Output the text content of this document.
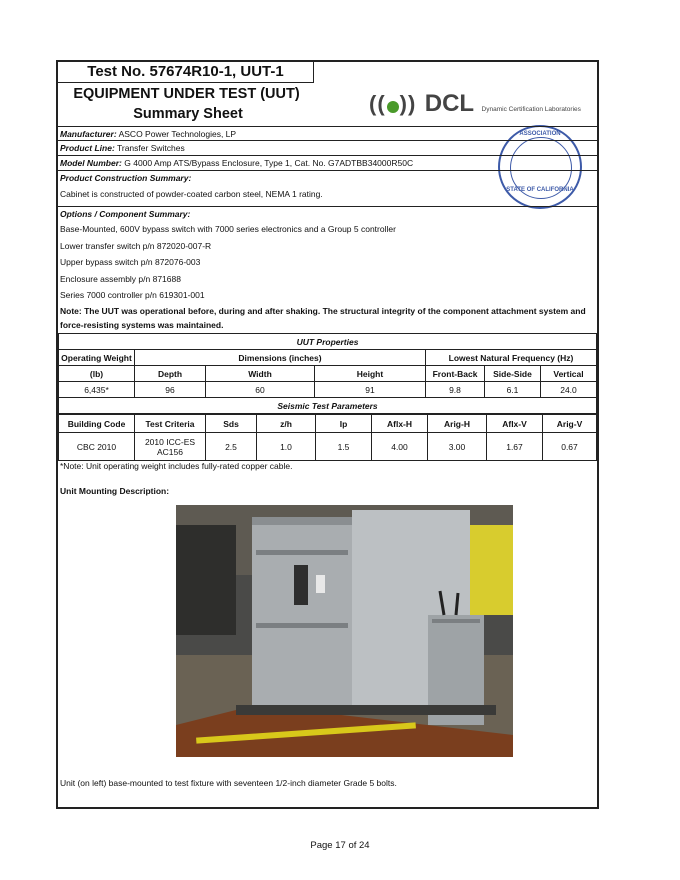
Test No. 57674R10-1, UUT-1
EQUIPMENT UNDER TEST (UUT)
Summary Sheet	(( )) DCL Dynamic Certification Laboratories
ASSOCIATION
STATE OF CALIFORNIA
Manufacturer: ASCO Power Technologies, LP
Product Line: Transfer Switches
Model Number: G 4000 Amp ATS/Bypass Enclosure, Type 1, Cat. No. G7ADTBB34000R50C
Product Construction Summary:
Cabinet is constructed of powder-coated carbon steel, NEMA 1 rating.
Options / Component Summary:
Base-Mounted, 600V bypass switch with 7000 series electronics and a Group 5 controller
Lower transfer switch p/n 872020-007-R
Upper bypass switch p/n 872076-003
Enclosure assembly p/n 871688
Series 7000 controller p/n 619301-001
Note: The UUT was operational before, during and after shaking. The structural integrity of the component attachment system and force-resisting systems was maintained.
UUT Properties						
Operating Weight	Dimensions (inches)			Lowest Natural Frequency (Hz)		
(lb)	Depth	Width	Height	Front-Back	Side-Side	Vertical
6,435*	96	60	91	9.8	6.1	24.0
Seismic Test Parameters						
Building Code	Test Criteria	Sds	z/h	Ip	Aflx-H	Arig-H	Aflx-V	Arig-V
CBC 2010	2010 ICC-ES AC156	2.5	1.0	1.5	4.00	3.00	1.67	0.67
*Note: Unit operating weight includes fully-rated copper cable.
Unit Mounting Description:
Unit (on left) base-mounted to test fixture with seventeen 1/2-inch diameter Grade 5 bolts.
Page 17 of 24
